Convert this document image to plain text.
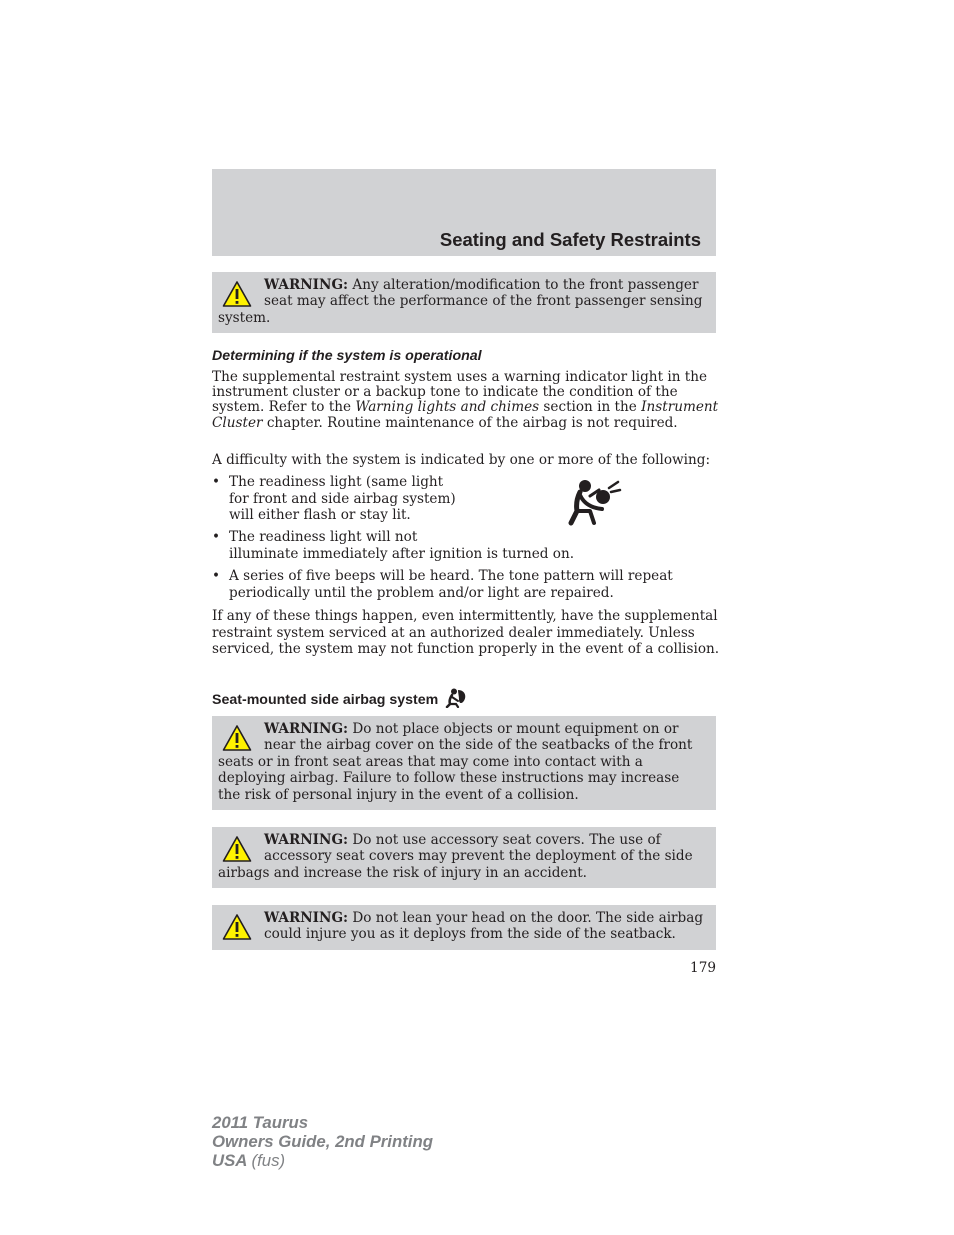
Seating and Safety Restraints
WARNING: Any alteration/modification to the front passenger seat may affect the performance of the front passenger sensing system.
Determining if the system is operational
The supplemental restraint system uses a warning indicator light in the instrument cluster or a backup tone to indicate the condition of the system. Refer to the Warning lights and chimes section in the Instrument Cluster chapter. Routine maintenance of the airbag is not required.
A difficulty with the system is indicated by one or more of the following:
• The readiness light (same light
for front and side airbag system)
will either flash or stay lit.
• The readiness light will not
illuminate immediately after ignition is turned on.
• A series of five beeps will be heard. The tone pattern will repeat
periodically until the problem and/or light are repaired.
If any of these things happen, even intermittently, have the supplemental restraint system serviced at an authorized dealer immediately. Unless serviced, the system may not function properly in the event of a collision.
Seat-mounted side airbag system
WARNING: Do not place objects or mount equipment on or near the airbag cover on the side of the seatbacks of the front seats or in front seat areas that may come into contact with a deploying airbag. Failure to follow these instructions may increase the risk of personal injury in the event of a collision.
WARNING: Do not use accessory seat covers. The use of accessory seat covers may prevent the deployment of the side airbags and increase the risk of injury in an accident.
WARNING: Do not lean your head on the door. The side airbag could injure you as it deploys from the side of the seatback.
179
2011 Taurus
Owners Guide, 2nd Printing
USA (fus)
